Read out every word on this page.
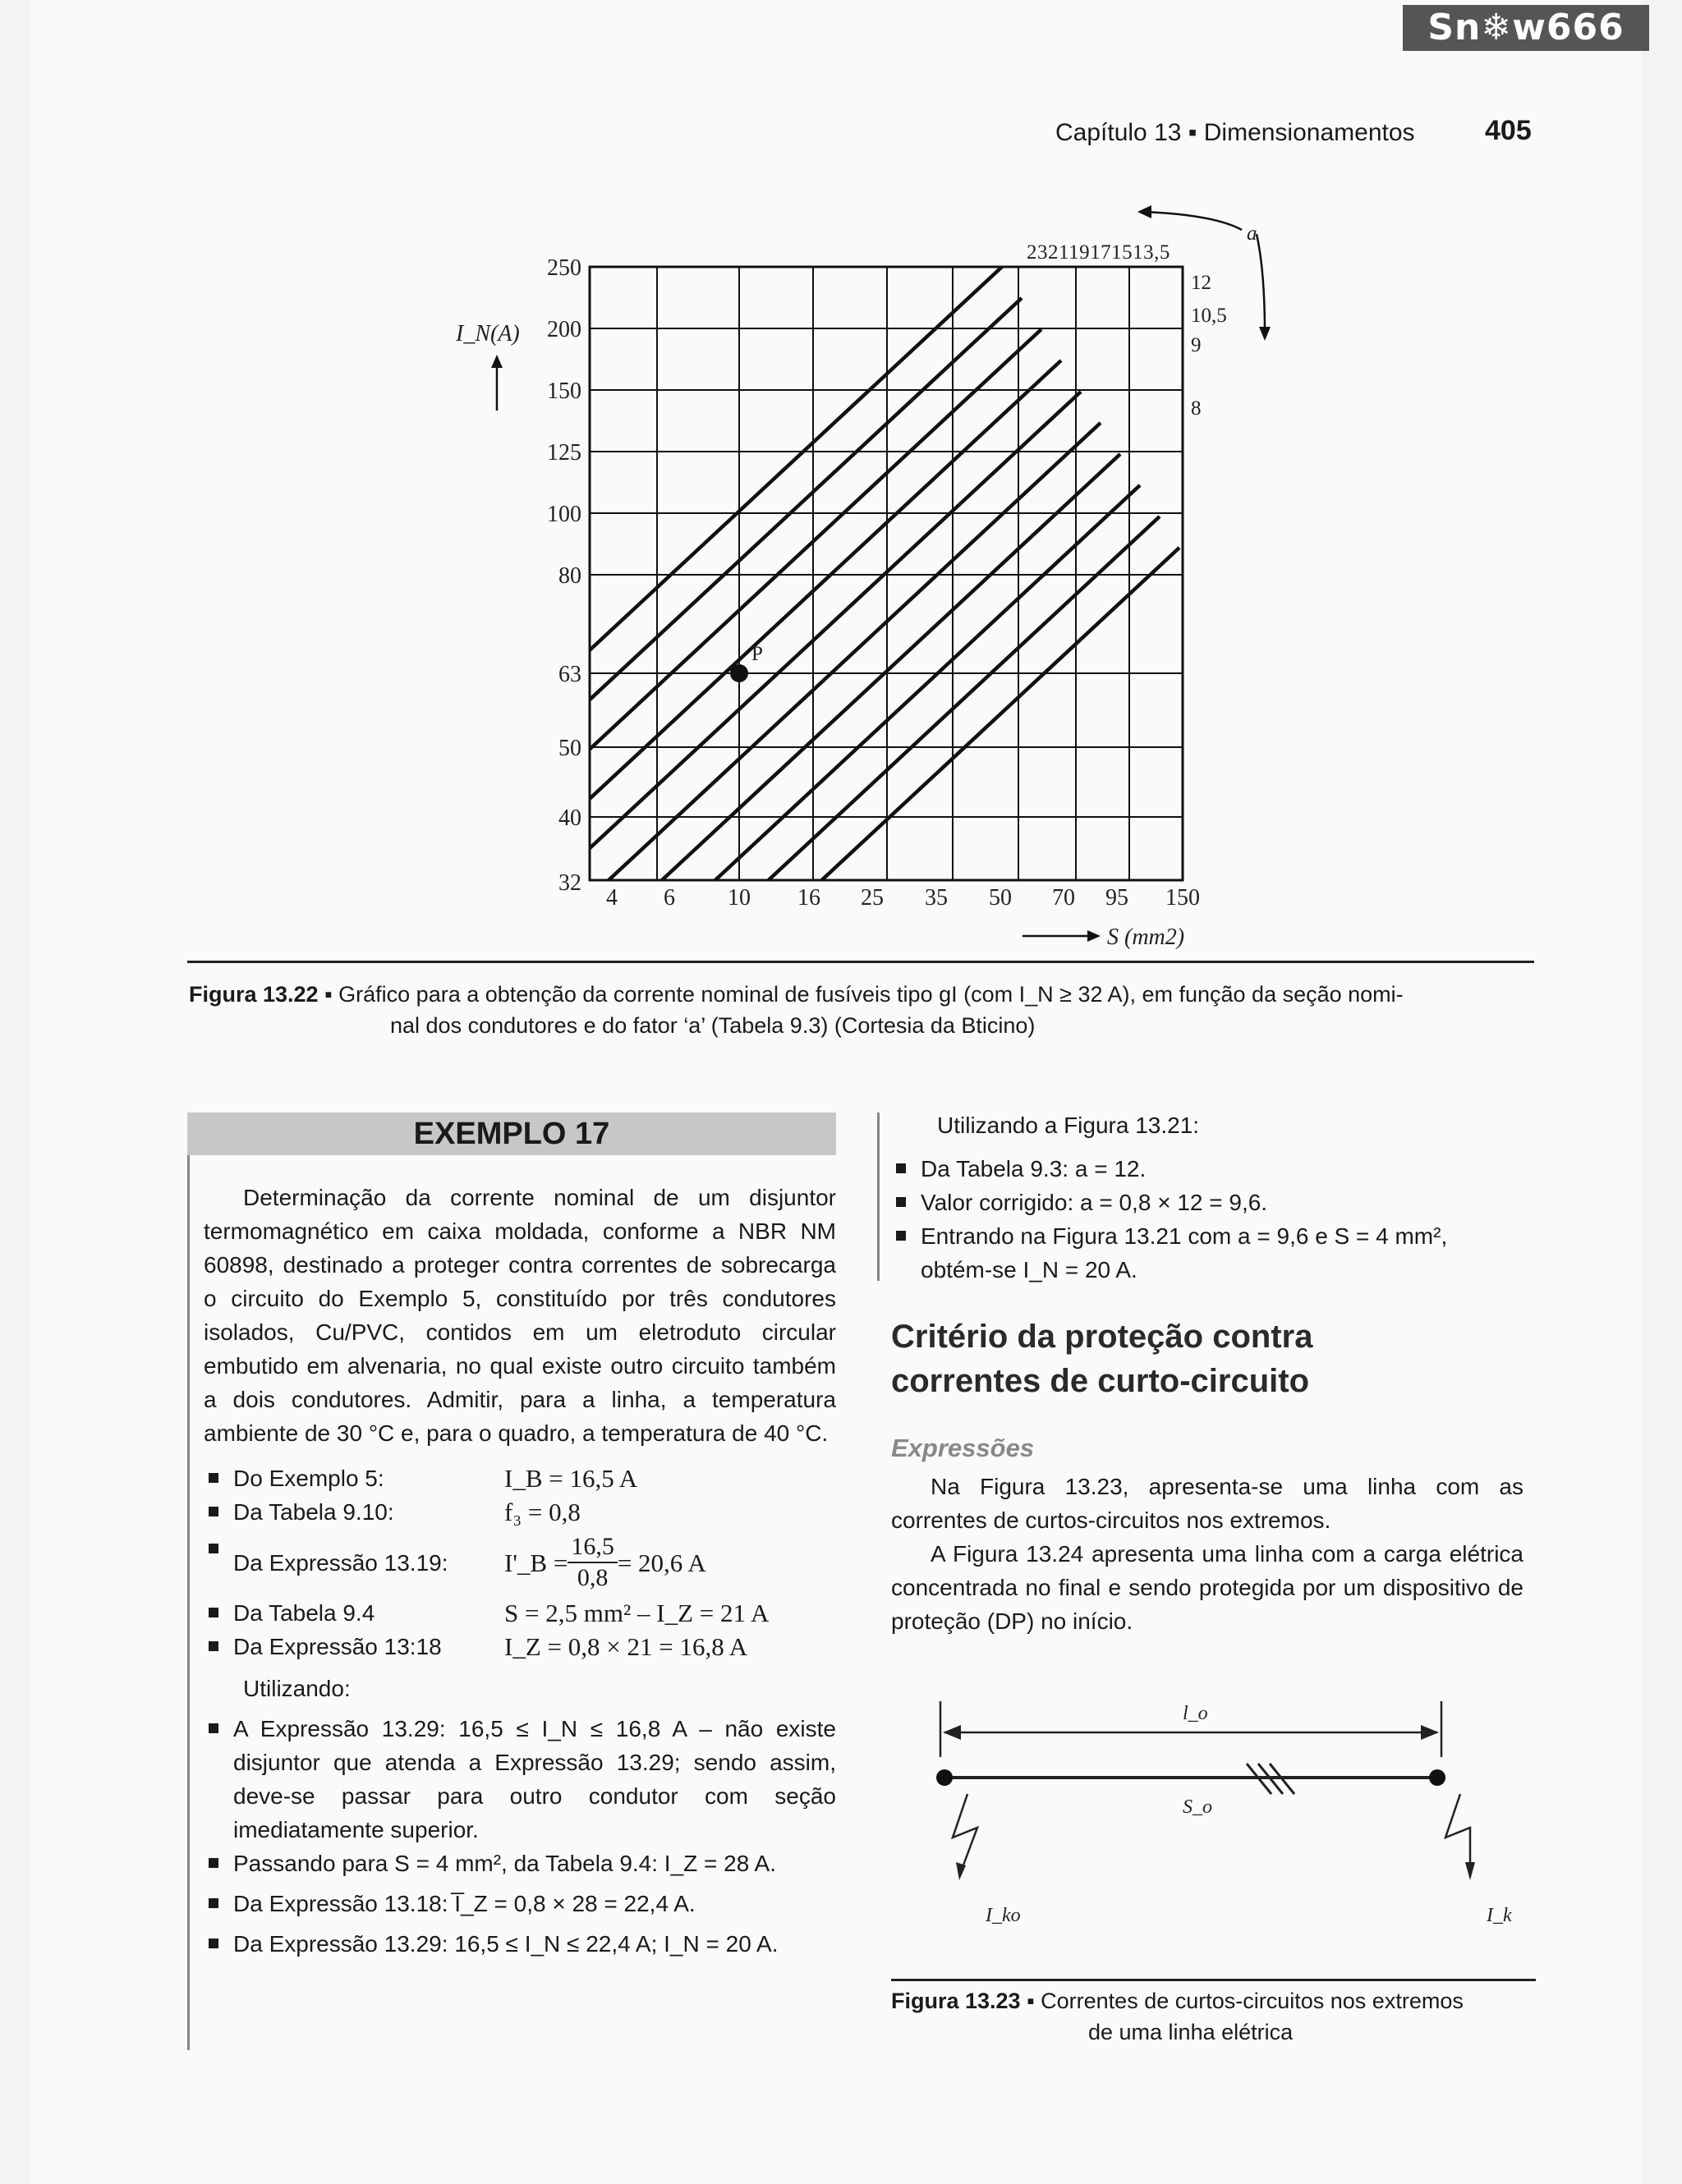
Sn❄w666
Capítulo 13 ▪ Dimensionamentos	405
250
200
150
125
100
80
63
50
40
32
4 6 10 16 25 35 50 70 95 150
I_N(A)
S (mm2)
12
10,5
9
8
232119171513,5
a
P
Figura 13.22 ▪ Gráfico para a obtenção da corrente nominal de fusíveis tipo gI (com I_N ≥ 32 A), em função da seção nomi-
nal dos condutores e do fator ‘a’ (Tabela 9.3) (Cortesia da Bticino)
EXEMPLO 17

Determinação da corrente nominal de um disjuntor termomagnético em caixa moldada, conforme a NBR NM 60898, destinado a proteger contra correntes de sobrecarga o circuito do Exemplo 5, constituído por três condutores isolados, Cu/PVC, contidos em um eletroduto circular embutido em alvenaria, no qual existe outro circuito também a dois condutores. Admitir, para a linha, a temperatura ambiente de 30 °C e, para o quadro, a temperatura de 40 °C.

Do Exemplo 5:	I_B = 16,5 A
Da Tabela 9.10:	f₃ = 0,8
Da Expressão 13.19:	I'_B = $\frac{16,5}{0,8} = 20,6$ A
Da Tabela 9.4	S = 2,5 mm² – I_Z = 21 A
Da Expressão 13:18	I_Z = 0,8 × 21 = 16,8 A
Utilizando:
A Expressão 13.29: 16,5 ≤ I_N ≤ 16,8 A – não existe disjuntor que atenda a Expressão 13.29; sendo assim, deve-se passar para outro condutor com seção imediatamente superior.
Passando para S = 4 mm², da Tabela 9.4: I_Z = 28 A.
Da Expressão 13.18: I̅_Z = 0,8 × 28 = 22,4 A.
Da Expressão 13.29: 16,5 ≤ I_N ≤ 22,4 A; I_N = 20 A.
Utilizando a Figura 13.21:
Da Tabela 9.3: a = 12.
Valor corrigido: a = 0,8 × 12 = 9,6.
Entrando na Figura 13.21 com a = 9,6 e S = 4 mm², obtém-se I_N = 20 A.
Critério da proteção contra correntes de curto-circuito
Expressões

Na Figura 13.23, apresenta-se uma linha com as correntes de curtos-circuitos nos extremos.

A Figura 13.24 apresenta uma linha com a carga elétrica concentrada no final e sendo protegida por um dispositivo de proteção (DP) no início.

l_o
S_o
I_ko	I_k
Figura 13.23 ▪ Correntes de curtos-circuitos nos extremos
de uma linha elétrica
